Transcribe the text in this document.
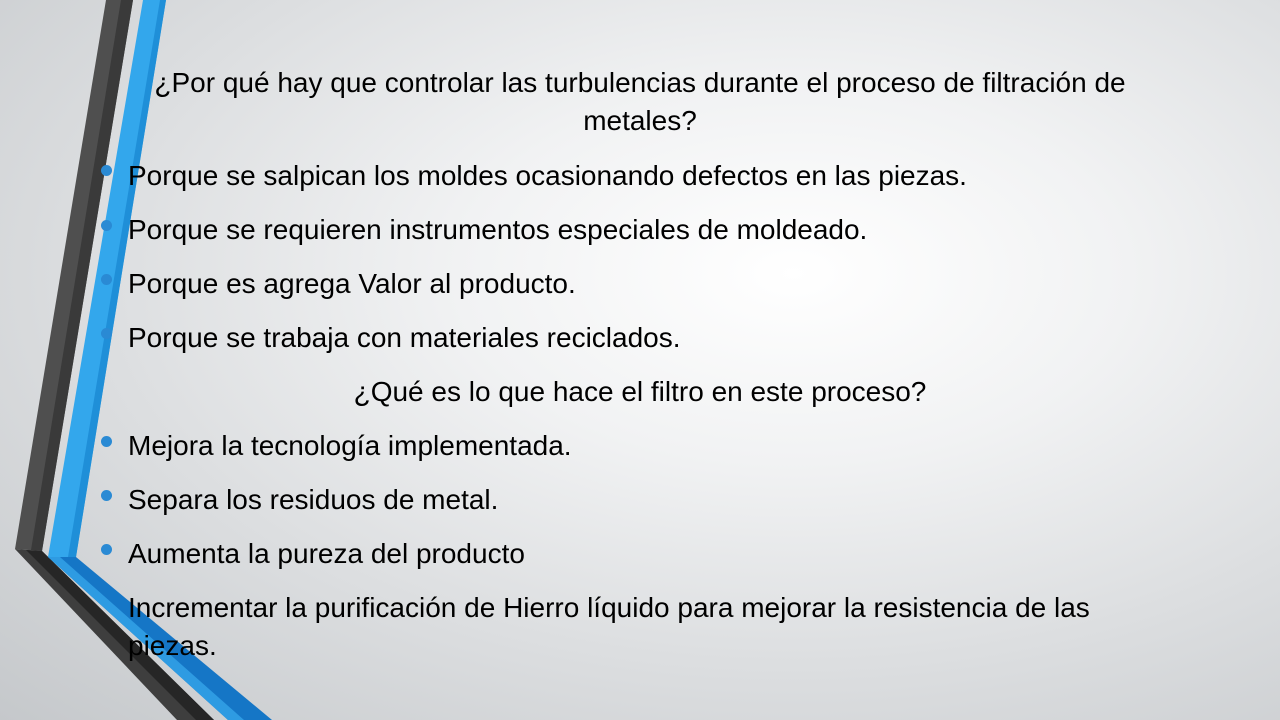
¿Por qué hay que controlar las turbulencias durante el proceso de filtración de metales?
Porque se salpican los moldes ocasionando defectos en las piezas.
Porque se requieren instrumentos especiales de moldeado.
Porque es agrega Valor al producto.
Porque se trabaja con materiales reciclados.
¿Qué es lo que hace el filtro en este proceso?
Mejora la tecnología implementada.
Separa los residuos de metal.
Aumenta la pureza del producto
Incrementar la purificación de Hierro líquido para mejorar la resistencia de las piezas.
